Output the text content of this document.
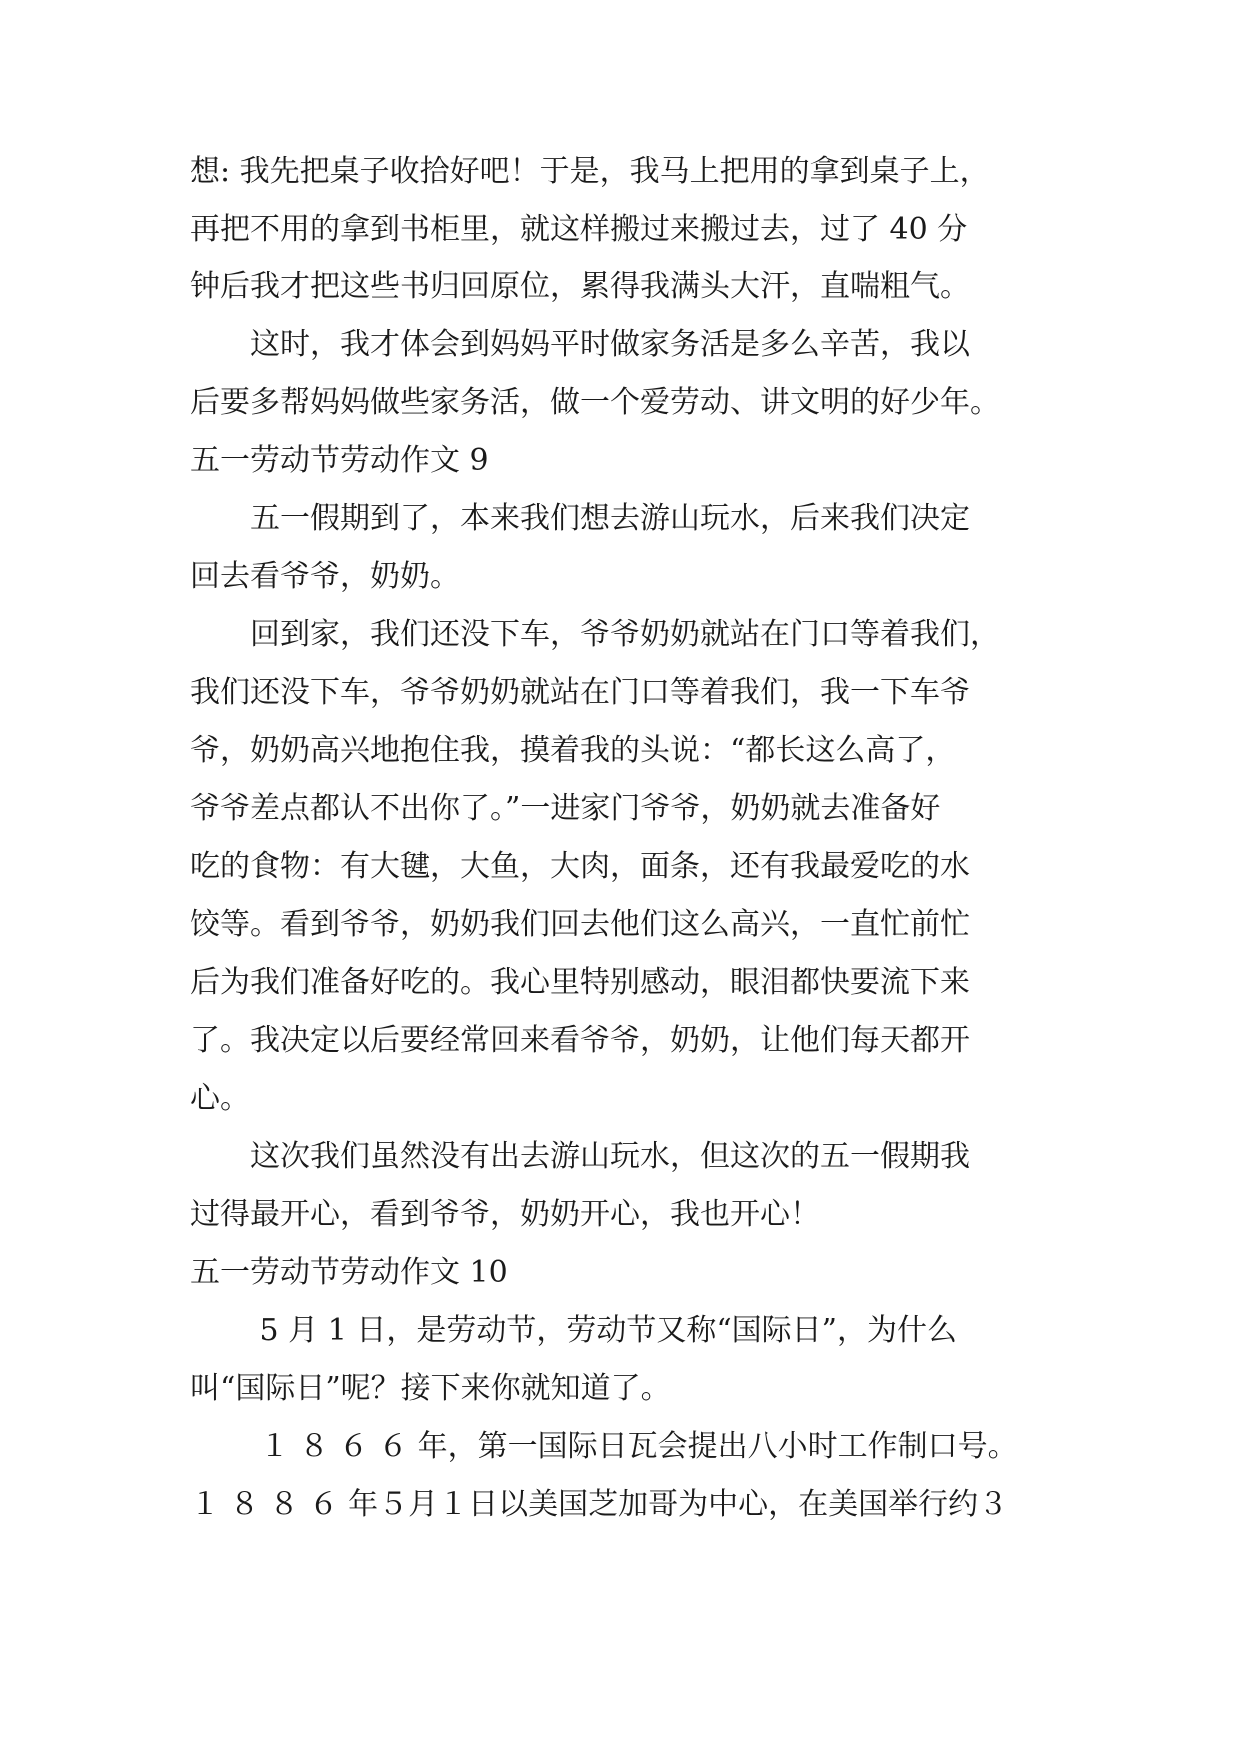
想: 我先把桌子收拾好吧！于是，我马上把用的拿到桌子上，
再把不用的拿到书柜里，就这样搬过来搬过去，过了 40 分
钟后我才把这些书归回原位，累得我满头大汗，直喘粗气。
　　这时，我才体会到妈妈平时做家务活是多么辛苦，我以
后要多帮妈妈做些家务活，做一个爱劳动、讲文明的好少年。
五一劳动节劳动作文 9
　　五一假期到了，本来我们想去游山玩水，后来我们决定
回去看爷爷，奶奶。
　　回到家，我们还没下车，爷爷奶奶就站在门口等着我们，
我们还没下车，爷爷奶奶就站在门口等着我们，我一下车爷
爷，奶奶高兴地抱住我，摸着我的头说：“都长这么高了，
爷爷差点都认不出你了。”一进家门爷爷，奶奶就去准备好
吃的食物：有大毽，大鱼，大肉，面条，还有我最爱吃的水
饺等。看到爷爷，奶奶我们回去他们这么高兴，一直忙前忙
后为我们准备好吃的。我心里特别感动，眼泪都快要流下来
了。我决定以后要经常回来看爷爷，奶奶，让他们每天都开
心。
　　这次我们虽然没有出去游山玩水，但这次的五一假期我
过得最开心，看到爷爷，奶奶开心，我也开心！
五一劳动节劳动作文 10
　　 5 月 1 日，是劳动节，劳动节又称“国际日”，为什么
叫“国际日”呢？接下来你就知道了。
　　 １ ８ ６ ６ 年，第一国际日瓦会提出八小时工作制口号。
１ ８ ８ ６ 年５月１日以美国芝加哥为中心，在美国举行约３
